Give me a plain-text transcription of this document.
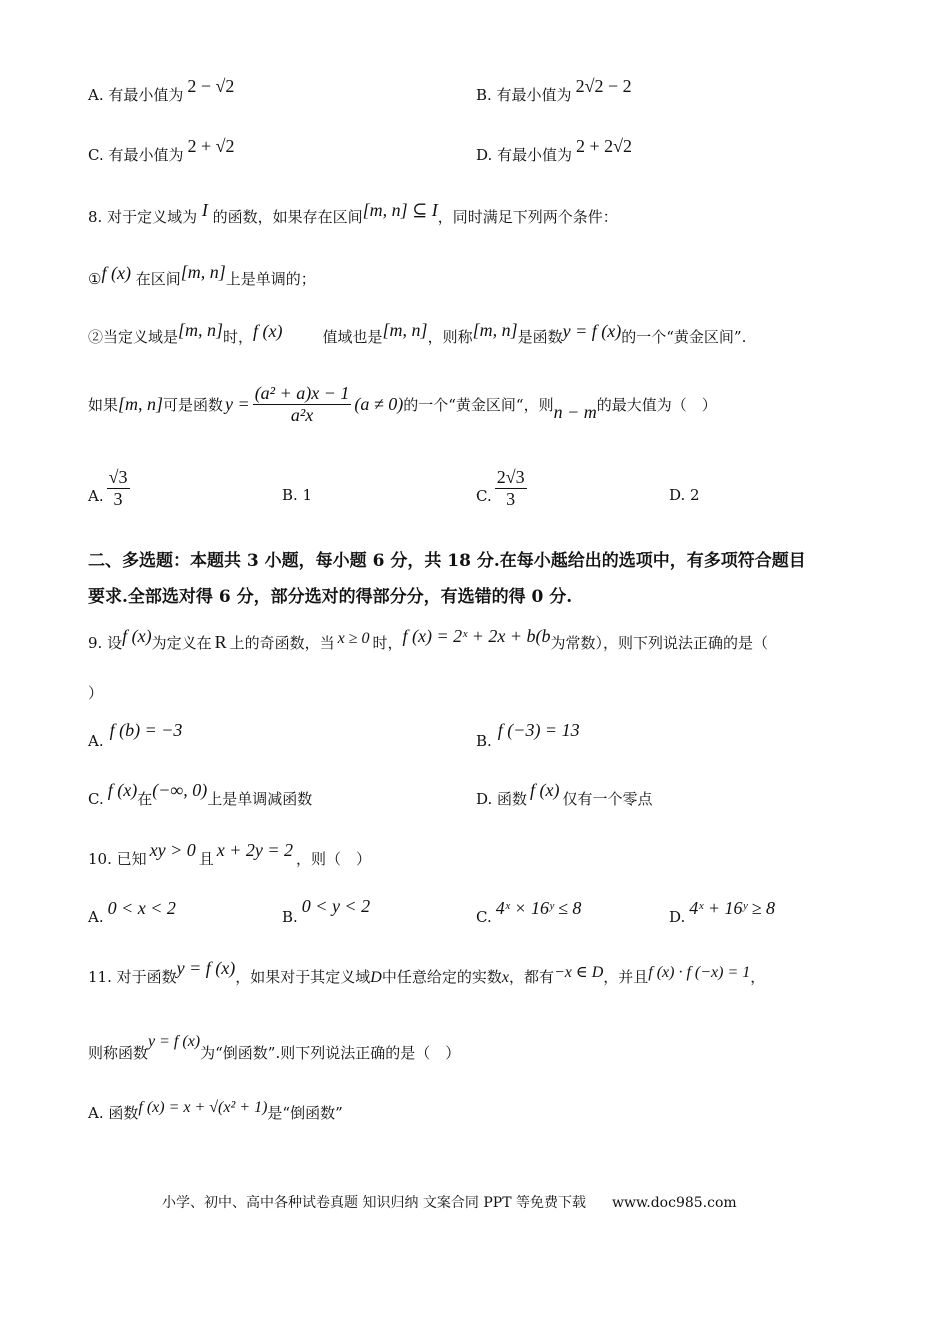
A. 有最小值为 2 − √2	B. 有最小值为 2√2 − 2
C. 有最小值为 2 + √2	D. 有最小值为 2 + 2√2
8. 对于定义域为 I 的函数，如果存在区间[m, n] ⊆ I，同时满足下列两个条件：
①f (x) 在区间[m, n]上是单调的；
②当定义域是[m, n]时，f (x)	值域也是[m, n]，则称[m, n]是函数y = f (x)的一个“黄金区间”.
如果 [m, n] 可是函数 $y = \frac{\text{(a² + a)x − 1}}{\text{a²x}} (a \ne 0)$ 的一个“黄金区间“，则 n − m 的最大值为（　）
A. $\frac{√3}{3}$	B. 1	C. $\frac{2√3}{3}$	D. 2
二、多选题：本题共 3 小题，每小题 6 分，共 18 分.在每小趆给出的选项中，有多项符合题目
要求.全部选对得 6 分，部分选对的得部分分，有选错的得 0 分.
9. 设f (x)为定义在 R 上的奇函数，当 x ≥ 0 时，f (x) = 2ˣ + 2x + b(b为常数），则下列说法正确的是（
）
A.f (b) = −3
B.f (−3) = 13
C. f (x)在(−∞, 0)上是单调减函数	D. 函数 f (x) 仅有一个零点
10. 已知 xy > 0 且 x + 2y = 2 ，则（　）
A. 0 < x < 2	B.0 < y < 2
C. 4ˣ × 16ʸ ≤ 8	D. 4ˣ + 16ʸ ≥ 8
11. 对于函数y = f (x)，如果对于其定义域D中任意给定的实数x，都有−x ∈ D，并且f (x) · f (−x) = 1，
则称函数y = f (x)为“倒函数”.则下列说法正确的是（　）
A. 函数f (x) = x + √(x² + 1)是“倒函数”
小学、初中、高中各种试卷真题 知识归纳 文案合同 PPT 等免费下载 www.doc985.com
